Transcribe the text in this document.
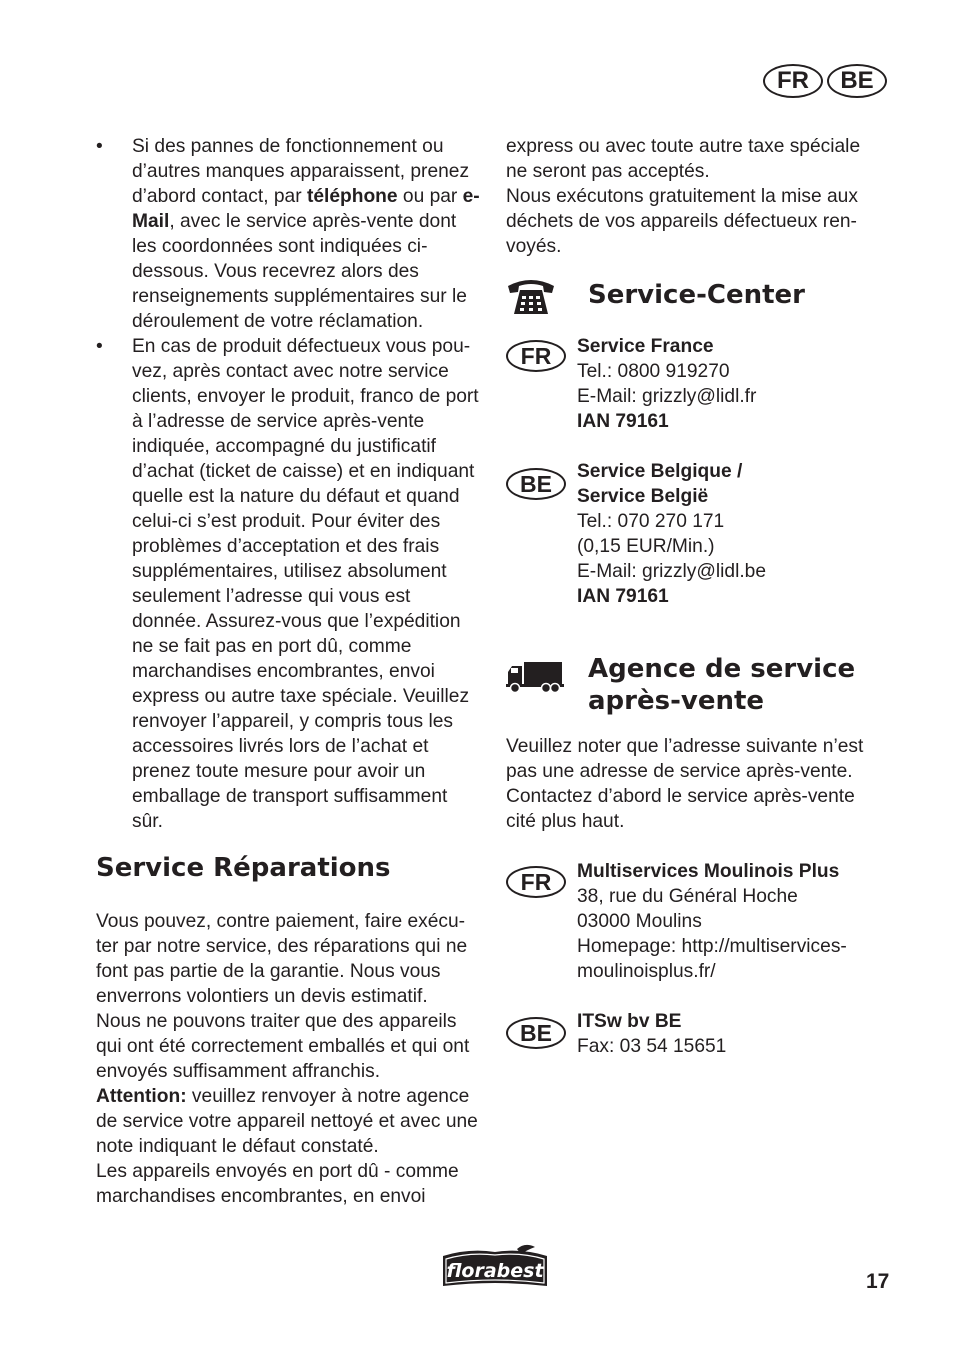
FR	BE
• Si des pannes de fonctionnement ou d’autres manques apparaissent, prenez d’abord contact, par téléphone ou par e-Mail, avec le service après-vente dont les coordonnées sont indiquées ci-dessous. Vous recevrez alors des renseignements supplémentaires sur le déroulement de votre réclamation.

• En cas de produit défectueux vous pouvez, après contact avec notre service clients, envoyer le produit, franco de port à l’adresse de service après-vente indiquée, accompagné du justificatif d’achat (ticket de caisse) et en indiquant quelle est la nature du défaut et quand celui-ci s’est produit. Pour éviter des problèmes d’acceptation et des frais supplémentaires, utilisez absolument seulement l’adresse qui vous est donnée. Assurez-vous que l’expédition ne se fait pas en port dû, comme marchandises encombrantes, envoi express ou autre taxe spéciale. Veuillez renvoyer l’appareil, y compris tous les accessoires livrés lors de l’achat et prenez toute mesure pour avoir un emballage de transport suffisamment sûr.

Service Réparations

Vous pouvez, contre paiement, faire exécuter par notre service, des réparations qui ne font pas partie de la garantie. Nous vous enverrons volontiers un devis estimatif.

Nous ne pouvons traiter que des appareils qui ont été correctement emballés et qui ont envoyés suffisamment affranchis.

Attention: veuillez renvoyer à notre agence de service votre appareil nettoyé et avec une note indiquant le défaut constaté.

Les appareils envoyés en port dû - comme marchandises encombrantes, en envoi

express ou avec toute autre taxe spéciale ne seront pas acceptés.

Nous exécutons gratuitement la mise aux déchets de vos appareils défectueux renvoyés.

Service-Center
FR	Service France
Tel.: 0800 919270
E-Mail: grizzly@lidl.fr
IAN 79161
BE	Service Belgique /
Service België
Tel.: 070 270 171
(0,15 EUR/Min.)
E-Mail: grizzly@lidl.be
IAN 79161
Agence de service
après-vente

Veuillez noter que l’adresse suivante n’est pas une adresse de service après-vente. Contactez d’abord le service après-vente cité plus haut.

FR	Multiservices Moulinois Plus
38, rue du Général Hoche
03000 Moulins
Homepage: http://multiservices-
moulinoisplus.fr/
BE	ITSw bv BE
Fax: 03 54 15651
florabest	17
